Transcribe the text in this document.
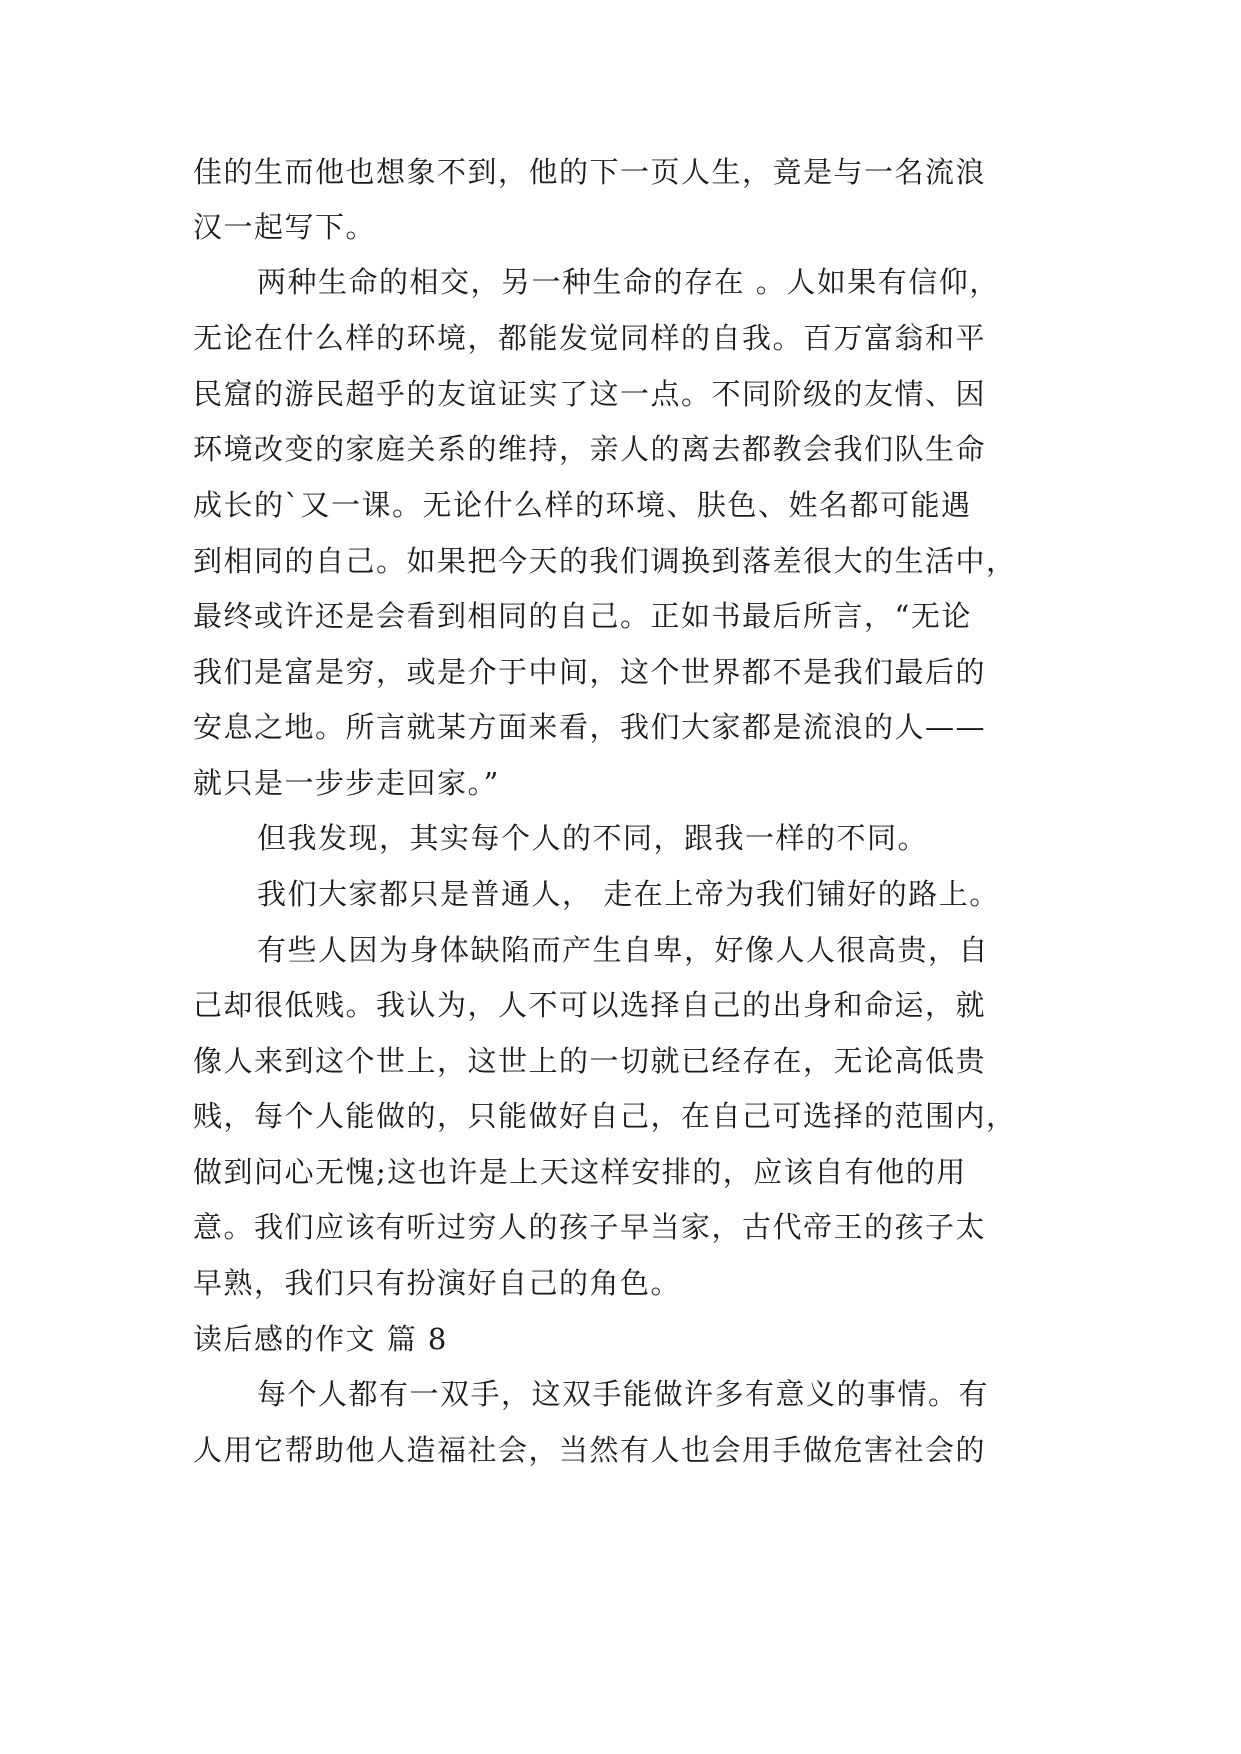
佳的生而他也想象不到，他的下一页人生，竟是与一名流浪
汉一起写下。
两种生命的相交，另一种生命的存在 。人如果有信仰，
无论在什么样的环境，都能发觉同样的自我。百万富翁和平
民窟的游民超乎的友谊证实了这一点。不同阶级的友情、因
环境改变的家庭关系的维持，亲人的离去都教会我们队生命
成长的`又一课。无论什么样的环境、肤色、姓名都可能遇
到相同的自己。如果把今天的我们调换到落差很大的生活中，
最终或许还是会看到相同的自己。正如书最后所言，“无论
我们是富是穷，或是介于中间，这个世界都不是我们最后的
安息之地。所言就某方面来看，我们大家都是流浪的人——
就只是一步步走回家。”
但我发现，其实每个人的不同，跟我一样的不同。
我们大家都只是普通人， 走在上帝为我们铺好的路上。
有些人因为身体缺陷而产生自卑，好像人人很高贵，自
己却很低贱。我认为，人不可以选择自己的出身和命运，就
像人来到这个世上，这世上的一切就已经存在，无论高低贵
贱，每个人能做的，只能做好自己，在自己可选择的范围内，
做到问心无愧;这也许是上天这样安排的，应该自有他的用
意。我们应该有听过穷人的孩子早当家，古代帝王的孩子太
早熟，我们只有扮演好自己的角色。
读后感的作文 篇 8
每个人都有一双手，这双手能做许多有意义的事情。有
人用它帮助他人造福社会，当然有人也会用手做危害社会的
